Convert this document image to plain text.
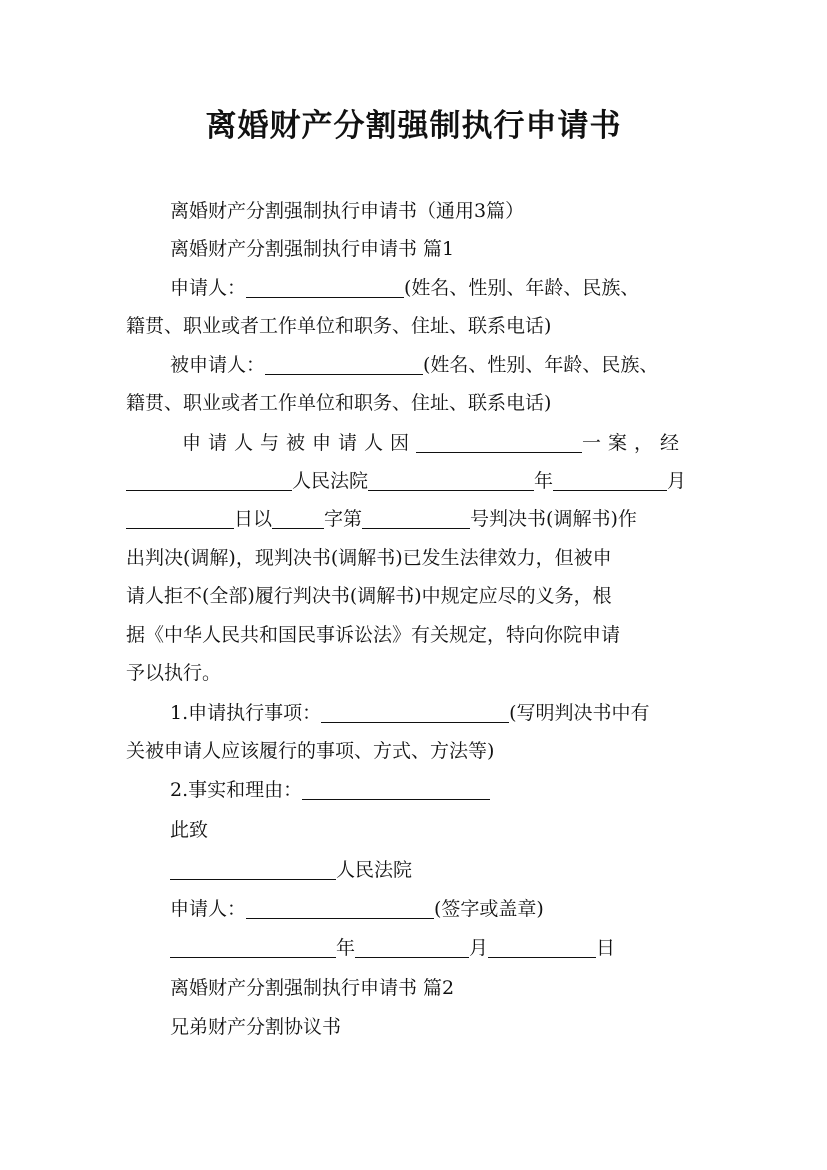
离婚财产分割强制执行申请书
离婚财产分割强制执行申请书（通用3篇）
离婚财产分割强制执行申请书 篇1
申请人：	(姓名、性别、年龄、民族、
籍贯、职业或者工作单位和职务、住址、联系电话)
被申请人：	(姓名、性别、年龄、民族、
籍贯、职业或者工作单位和职务、住址、联系电话)
申请人与被申请人因	一案，经
人民法院	年	月
日以	字第	号判决书(调解书)作
出判决(调解)，现判决书(调解书)已发生法律效力，但被申
请人拒不(全部)履行判决书(调解书)中规定应尽的义务，根
据《中华人民共和国民事诉讼法》有关规定，特向你院申请
予以执行。
1.申请执行事项：	(写明判决书中有
关被申请人应该履行的事项、方式、方法等)
2.事实和理由：
此致
人民法院
申请人：	(签字或盖章)
年	月	日
离婚财产分割强制执行申请书 篇2
兄弟财产分割协议书
